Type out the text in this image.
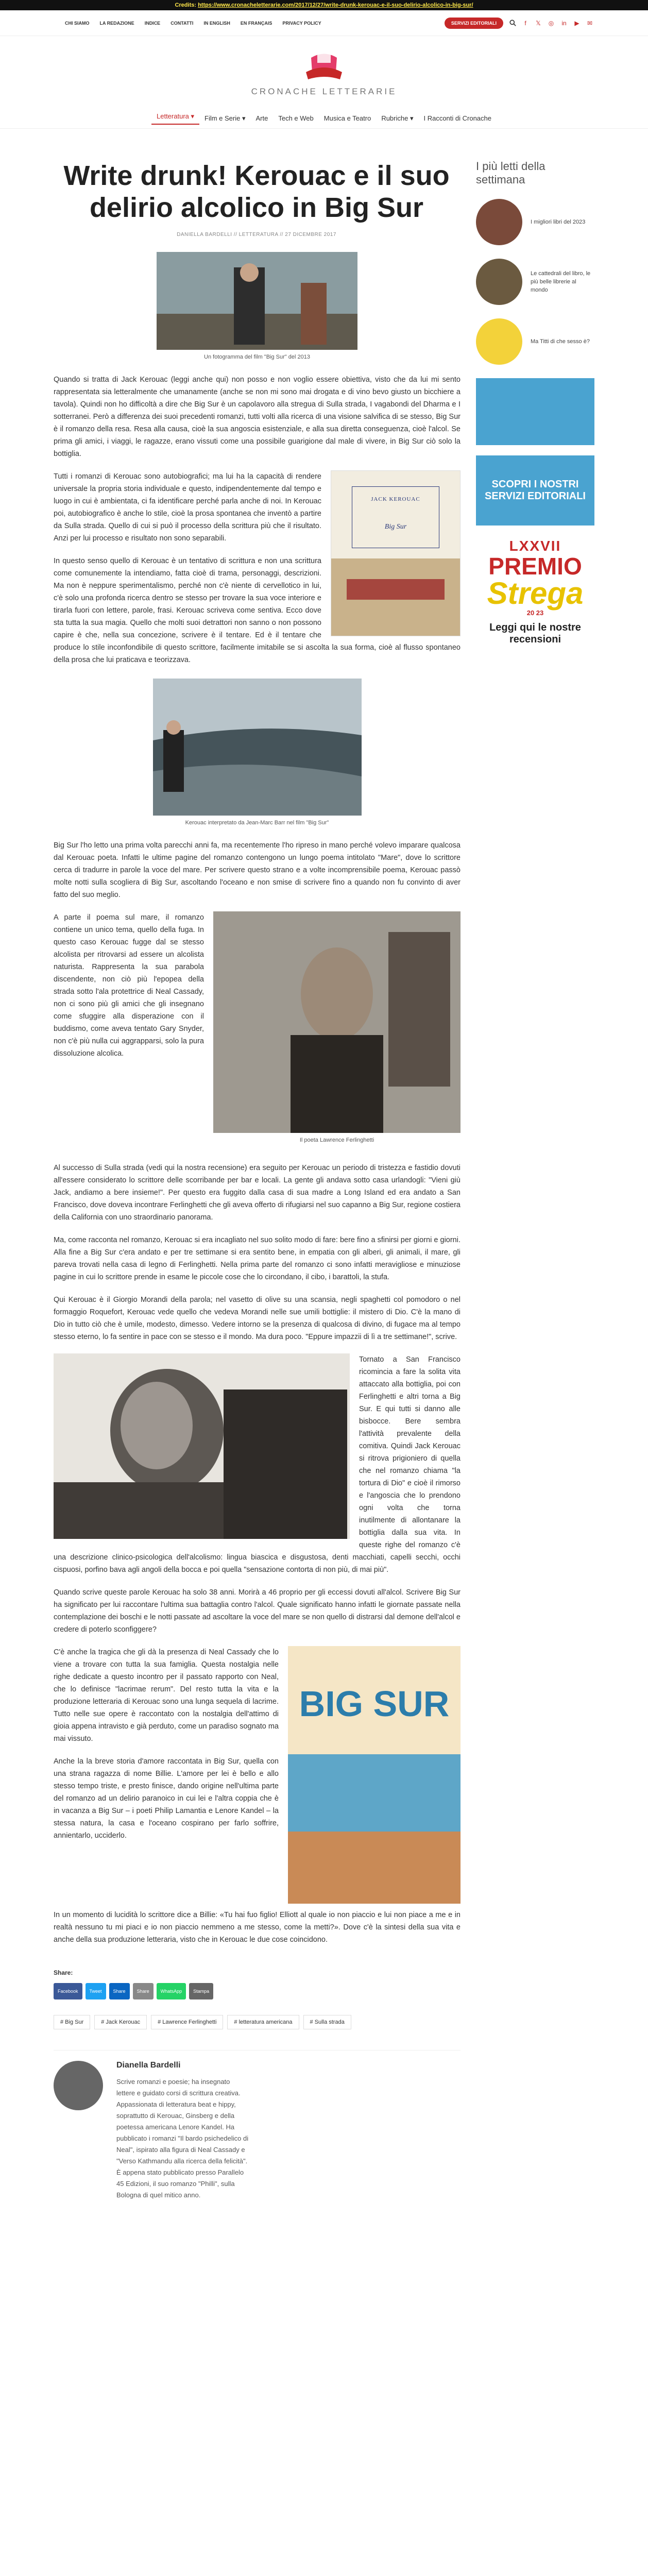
Credits: https://www.cronacheletterarie.com/2017/12/27/write-drunk-kerouac-e-il-suo-delirio-alcolico-in-big-sur/
CHI SIAMO	LA REDAZIONE	INDICE	CONTATTI	IN ENGLISH	EN FRANÇAIS	PRIVACY POLICY	SERVIZI EDITORIALI	f	𝕏 ◎ in ▶ ✉
CRONACHE LETTERARIE
Letteratura ▾	Film e Serie ▾	Arte	Tech e Web	Musica e Teatro	Rubriche ▾	I Racconti di Cronache
Write drunk! Kerouac e il suo delirio alcolico in Big Sur
DANIELLA BARDELLI // LETTERATURA // 27 DICEMBRE 2017

Un fotogramma del film "Big Sur" del 2013

Quando si tratta di Jack Kerouac (leggi anche qui) non posso e non voglio essere obiettiva, visto che da lui mi sento rappresentata sia letteralmente che umanamente (anche se non mi sono mai drogata e di vino bevo giusto un bicchiere a tavola). Quindi non ho difficoltà a dire che Big Sur è un capolavoro alla stregua di Sulla strada, I vagabondi del Dharma e I sotterranei. Però a differenza dei suoi precedenti romanzi, tutti volti alla ricerca di una visione salvifica di se stesso, Big Sur è il romanzo della resa. Resa alla causa, cioè la sua angoscia esistenziale, e alla sua diretta conseguenza, cioè l'alcol. Se prima gli amici, i viaggi, le ragazze, erano vissuti come una possibile guarigione dal male di vivere, in Big Sur ciò solo la bottiglia.

JACK KEROUAC
Big Sur

Tutti i romanzi di Kerouac sono autobiografici; ma lui ha la capacità di rendere universale la propria storia individuale e questo, indipendentemente dal tempo e luogo in cui è ambientata, ci fa identificare perché parla anche di noi. In Kerouac poi, autobiografico è anche lo stile, cioè la prosa spontanea che inventò a partire da Sulla strada. Quello di cui si può il processo della scrittura più che il risultato. Anzi per lui processo e risultato non sono separabili.

In questo senso quello di Kerouac è un tentativo di scrittura e non una scrittura come comunemente la intendiamo, fatta cioè di trama, personaggi, descrizioni. Ma non è neppure sperimentalismo, perché non c'è niente di cervellotico in lui, c'è solo una profonda ricerca dentro se stesso per trovare la sua voce interiore e tirarla fuori con lettere, parole, frasi. Kerouac scriveva come sentiva. Ecco dove sta tutta la sua magia. Quello che molti suoi detrattori non sanno o non possono capire è che, nella sua concezione, scrivere è il tentare. Ed è il tentare che produce lo stile inconfondibile di questo scrittore, facilmente imitabile se si ascolta la sua forma, cioè al flusso spontaneo della prosa che lui praticava e teorizzava.

Kerouac interpretato da Jean-Marc Barr nel film "Big Sur"

Big Sur l'ho letto una prima volta parecchi anni fa, ma recentemente l'ho ripreso in mano perché volevo imparare qualcosa dal Kerouac poeta. Infatti le ultime pagine del romanzo contengono un lungo poema intitolato "Mare", dove lo scrittore cerca di tradurre in parole la voce del mare. Per scrivere questo strano e a volte incomprensibile poema, Kerouac passò molte notti sulla scogliera di Big Sur, ascoltando l'oceano e non smise di scrivere fino a quando non fu convinto di aver fatto del suo meglio.

Il poeta Lawrence Ferlinghetti

A parte il poema sul mare, il romanzo contiene un unico tema, quello della fuga. In questo caso Kerouac fugge dal se stesso alcolista per ritrovarsi ad essere un alcolista naturista. Rappresenta la sua parabola discendente, non ciò più l'epopea della strada sotto l'ala protettrice di Neal Cassady, non ci sono più gli amici che gli insegnano come sfuggire alla disperazione con il buddismo, come aveva tentato Gary Snyder, non c'è più nulla cui aggrapparsi, solo la pura dissoluzione alcolica.

Al successo di Sulla strada (vedi qui la nostra recensione) era seguito per Kerouac un periodo di tristezza e fastidio dovuti all'essere considerato lo scrittore delle scorribande per bar e locali. La gente gli andava sotto casa urlandogli: "Vieni giù Jack, andiamo a bere insieme!". Per questo era fuggito dalla casa di sua madre a Long Island ed era andato a San Francisco, dove doveva incontrare Ferlinghetti che gli aveva offerto di rifugiarsi nel suo capanno a Big Sur, regione costiera della California con uno straordinario panorama.

Ma, come racconta nel romanzo, Kerouac si era incagliato nel suo solito modo di fare: bere fino a sfinirsi per giorni e giorni. Alla fine a Big Sur c'era andato e per tre settimane si era sentito bene, in empatia con gli alberi, gli animali, il mare, gli pareva trovati nella casa di legno di Ferlinghetti. Nella prima parte del romanzo ci sono infatti meravigliose e minuziose pagine in cui lo scrittore prende in esame le piccole cose che lo circondano, il cibo, i barattoli, la stufa.

Qui Kerouac è il Giorgio Morandi della parola; nel vasetto di olive su una scansia, negli spaghetti col pomodoro o nel formaggio Roquefort, Kerouac vede quello che vedeva Morandi nelle sue umili bottiglie: il mistero di Dio. C'è la mano di Dio in tutto ciò che è umile, modesto, dimesso. Vedere intorno se la presenza di qualcosa di divino, di fugace ma al tempo stesso eterno, lo fa sentire in pace con se stesso e il mondo. Ma dura poco. "Eppure impazzii di lì a tre settimane!", scrive.

Tornato a San Francisco ricomincia a fare la solita vita attaccato alla bottiglia, poi con Ferlinghetti e altri torna a Big Sur. E qui tutti si danno alle bisbocce. Bere sembra l'attività prevalente della comitiva. Quindi Jack Kerouac si ritrova prigioniero di quella che nel romanzo chiama "la tortura di Dio" e cioè il rimorso e l'angoscia che lo prendono ogni volta che torna inutilmente di allontanare la bottiglia dalla sua vita. In queste righe del romanzo c'è una descrizione clinico-psicologica dell'alcolismo: lingua biascica e disgustosa, denti macchiati, capelli secchi, occhi cispuosi, porfino bava agli angoli della bocca e poi quella "sensazione contorta di non più, di mai più".

Quando scrive queste parole Kerouac ha solo 38 anni. Morirà a 46 proprio per gli eccessi dovuti all'alcol. Scrivere Big Sur ha significato per lui raccontare l'ultima sua battaglia contro l'alcol. Quale significato hanno infatti le giornate passate nella contemplazione dei boschi e le notti passate ad ascoltare la voce del mare se non quello di distrarsi dal demone dell'alcol e credere di poterlo sconfiggere?

BIG SUR

C'è anche la tragica che gli dà la presenza di Neal Cassady che lo viene a trovare con tutta la sua famiglia. Questa nostalgia nelle righe dedicate a questo incontro per il passato rapporto con Neal, che lo definisce "lacrimae rerum". Del resto tutta la vita e la produzione letteraria di Kerouac sono una lunga sequela di lacrime. Tutto nelle sue opere è raccontato con la nostalgia dell'attimo di gioia appena intravisto e già perduto, come un paradiso sognato ma mai vissuto.

Anche la la breve storia d'amore raccontata in Big Sur, quella con una strana ragazza di nome Billie. L'amore per lei è bello e allo stesso tempo triste, e presto finisce, dando origine nell'ultima parte del romanzo ad un delirio paranoico in cui lei e l'altra coppia che è in vacanza a Big Sur – i poeti Philip Lamantia e Lenore Kandel – la stessa natura, la casa e l'oceano cospirano per farlo soffrire, annientarlo, ucciderlo.

In un momento di lucidità lo scrittore dice a Billie: «Tu hai fuo figlio! Elliott al quale io non piaccio e lui non piace a me e in realtà nessuno tu mi piaci e io non piaccio nemmeno a me stesso, come la metti?». Dove c'è la sintesi della sua vita e anche della sua produzione letteraria, visto che in Kerouac le due cose coincidono.

Share:
Facebook	Tweet	Share	Share	WhatsApp	Stampa
# Big Sur	# Jack Kerouac	# Lawrence Ferlinghetti	# letteratura americana	# Sulla strada
Dianella Bardelli
Scrive romanzi e poesie; ha insegnato lettere e guidato corsi di scrittura creativa. Appassionata di letteratura beat e hippy, soprattutto di Kerouac, Ginsberg e della poetessa americana Lenore Kandel. Ha pubblicato i romanzi "Il bardo psichedelico di Neal", ispirato alla figura di Neal Cassady e "Verso Kathmandu alla ricerca della felicità". È appena stato pubblicato presso Parallelo 45 Edizioni, il suo romanzo "Philli", sulla Bologna di quel mitico anno.
I più letti della settimana
I migliori libri del 2023
Le cattedrali del libro, le più belle librerie al mondo
Ma Titti di che sesso è?
SCOPRI I NOSTRI
SERVIZI EDITORIALI
LXXVII
PREMIO
Strega
20 23
Leggi qui le nostre recensioni
